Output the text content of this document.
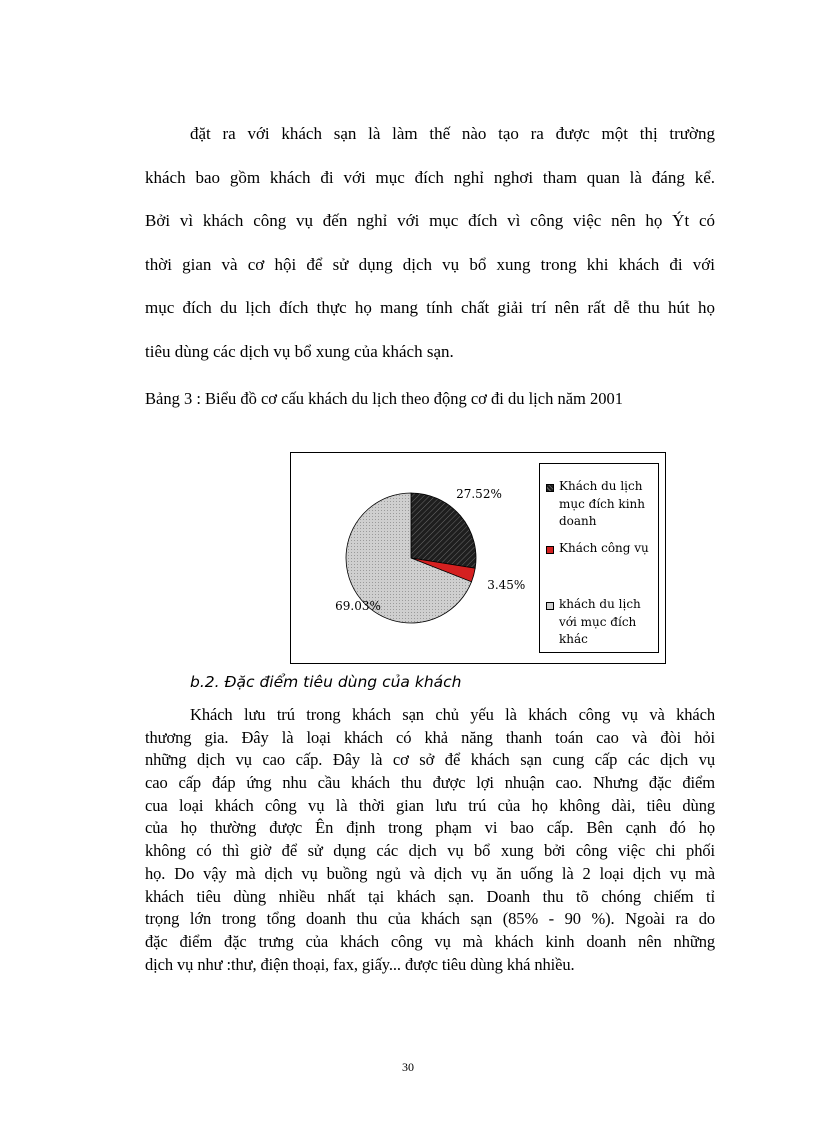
đặt ra với khách sạn là làm thế nào tạo ra được một thị trường
khách bao gồm khách đi với mục đích nghỉ nghơi tham quan là đáng kể.
Bởi vì khách công vụ đến nghỉ với mục đích vì công việc nên họ Ýt có
thời gian và cơ hội để sử dụng dịch vụ bổ xung trong khi khách đi với
mục đích du lịch đích thực họ mang tính chất giải trí nên rất dễ thu hút họ
tiêu dùng các dịch vụ bổ xung của khách sạn.
Bảng 3 : Biểu đồ cơ cấu khách du lịch theo động cơ đi du lịch năm 2001
27.52%
3.45%
69.03%
Khách du lịch
mục đích kinh
doanh
Khách công vụ
khách du lịch
với mục đích
khác
b.2. Đặc điểm tiêu dùng của khách
Khách lưu trú trong khách sạn chủ yếu là khách công vụ và khách
thương gia. Đây là loại khách có khả năng thanh toán cao và đòi hỏi
những dịch vụ cao cấp. Đây là cơ sở để khách sạn cung cấp các dịch vụ
cao cấp đáp ứng nhu cầu khách thu được lợi nhuận cao. Nhưng đặc điểm
cua loại khách công vụ là thời gian lưu trú của họ không dài, tiêu dùng
của họ thường được Ên định trong phạm vi bao cấp. Bên cạnh đó họ
không có thì giờ để sử dụng các dịch vụ bổ xung bởi công việc chi phối
họ. Do vậy mà dịch vụ buồng ngủ và dịch vụ ăn uống là 2 loại dịch vụ mà
khách tiêu dùng nhiều nhất tại khách sạn. Doanh thu tõ chóng chiếm tỉ
trọng lớn trong tổng doanh thu của khách sạn (85% - 90 %). Ngoài ra do
đặc điểm đặc trưng của khách công vụ mà khách kinh doanh nên những
dịch vụ như :thư, điện thoại, fax, giấy... được tiêu dùng khá nhiều.
30
